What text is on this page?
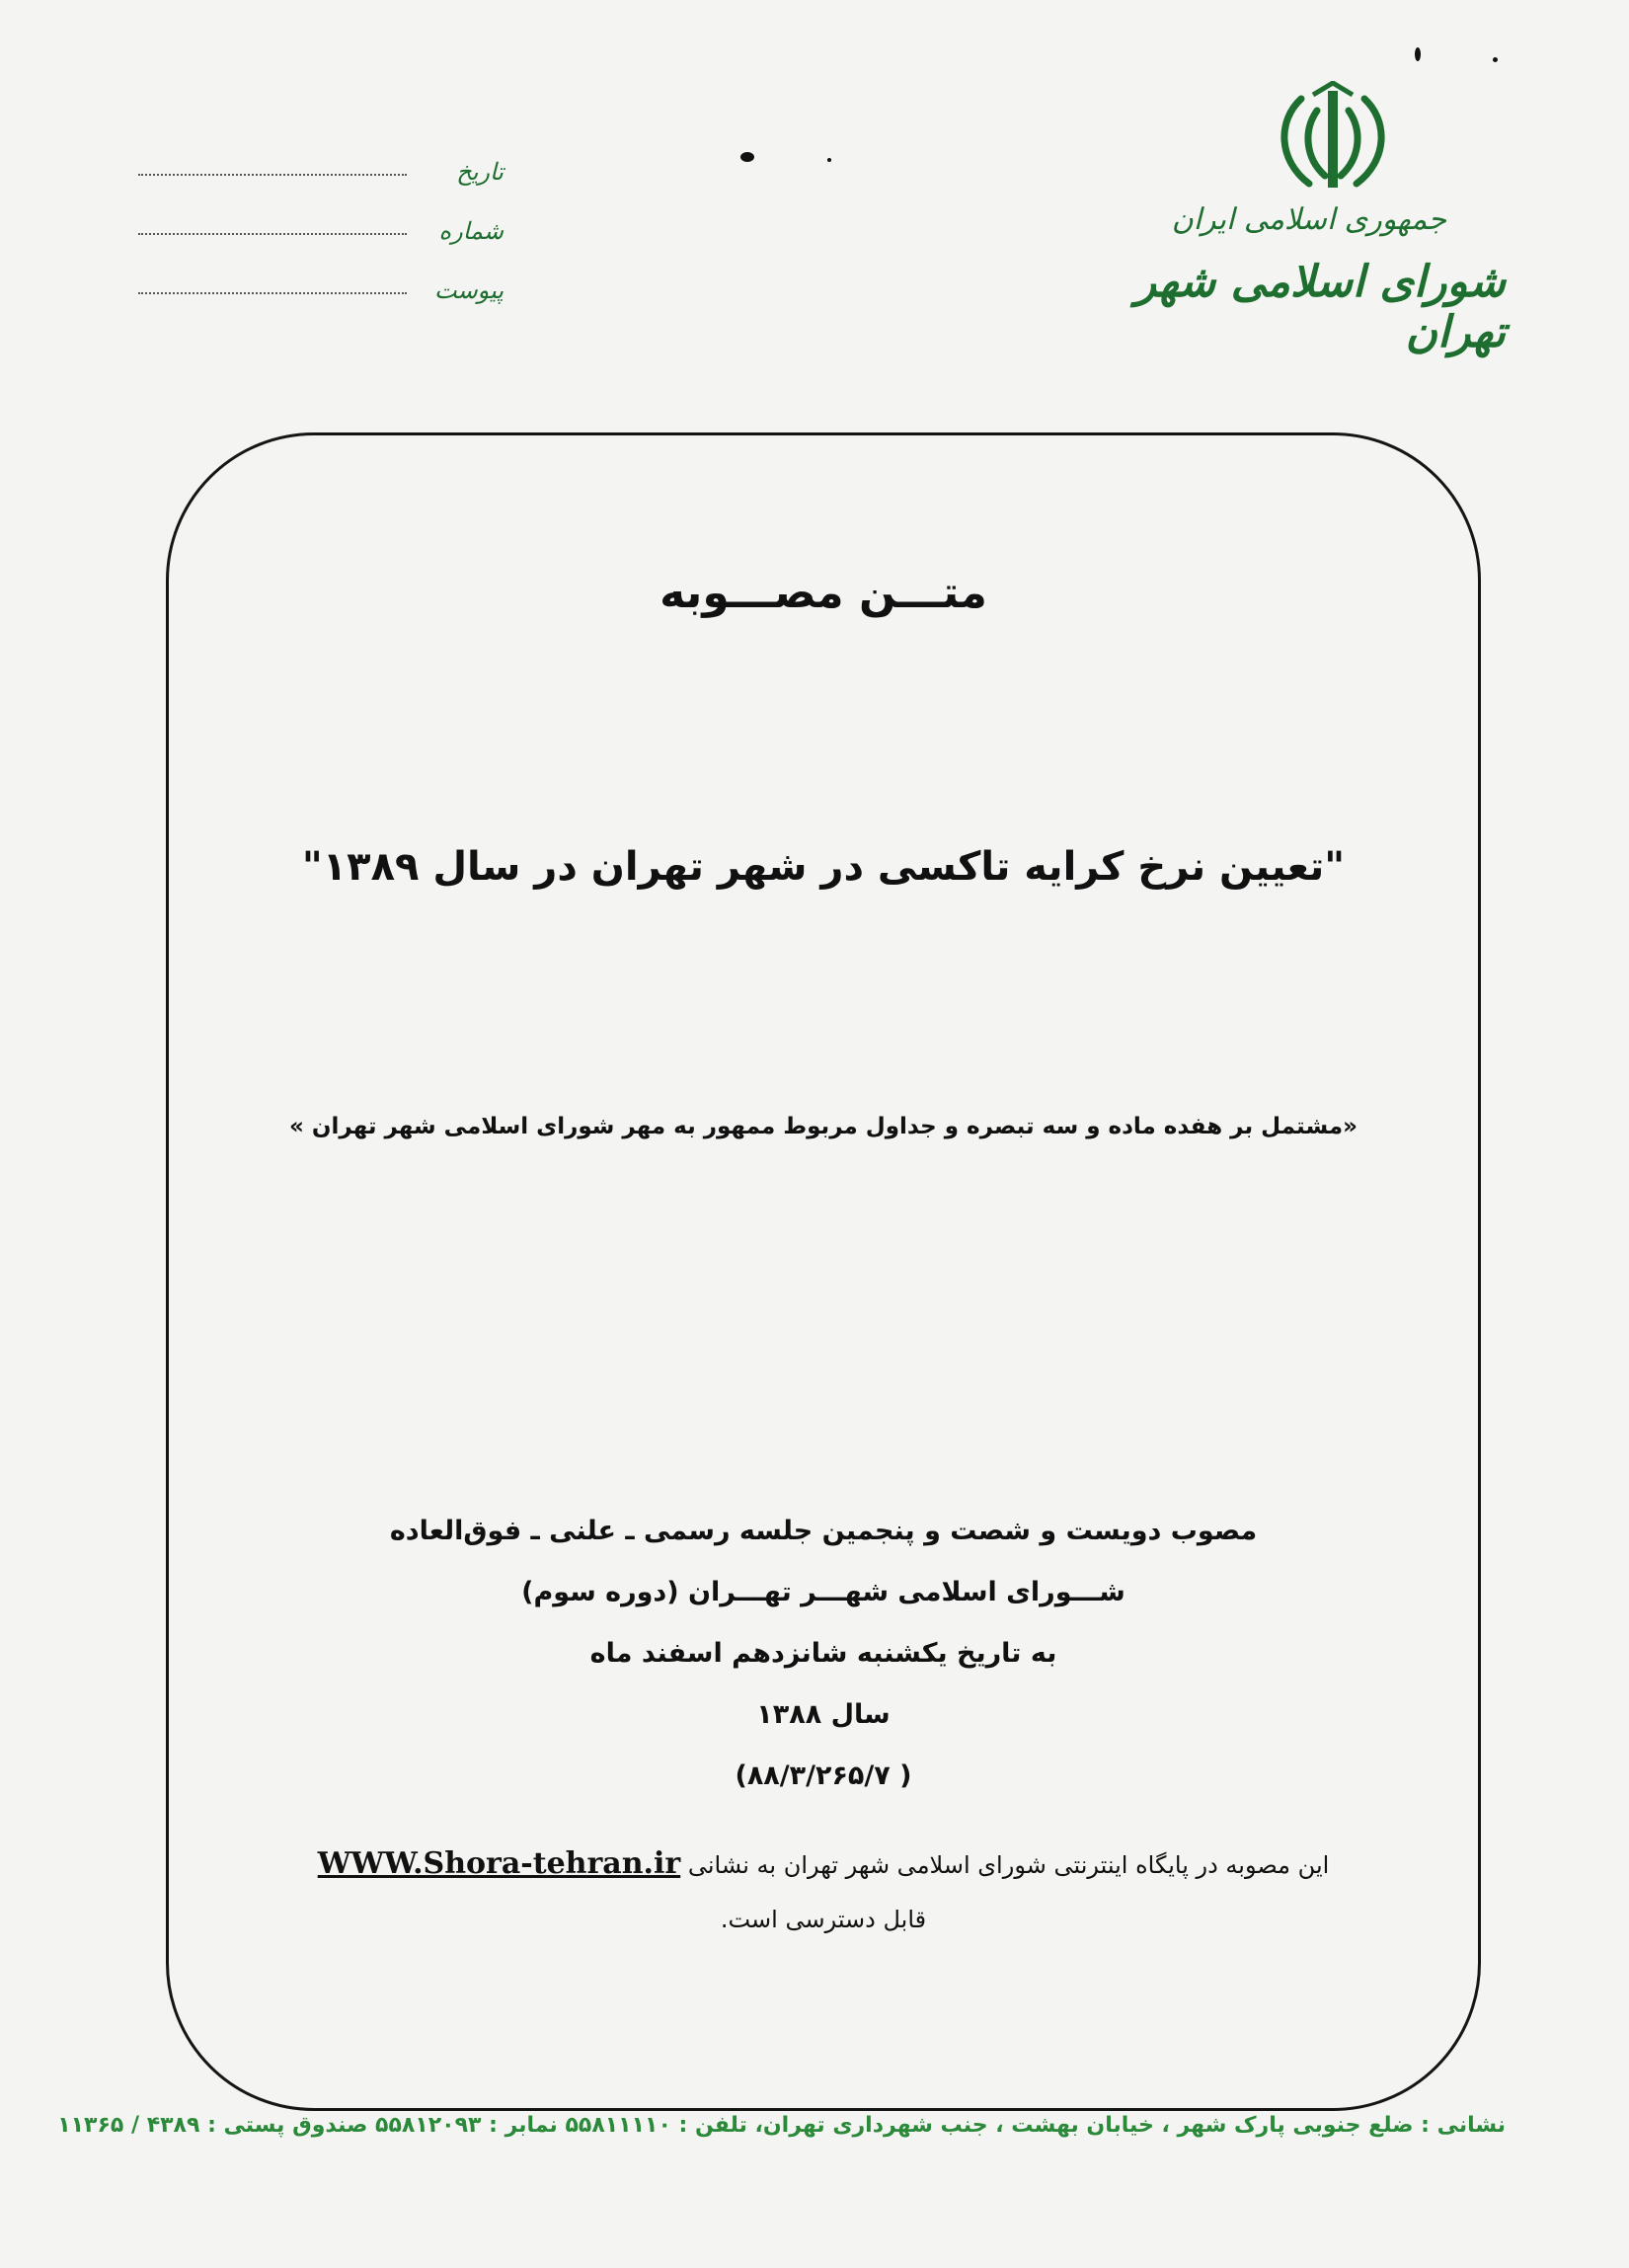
جمهوری اسلامی ایران
شورای اسلامی شهر تهران
تاریخ
شماره
پیوست
متـــن مصـــوبه
"تعیین نرخ کرایه تاکسی در شهر تهران در سال ۱۳۸۹"
«مشتمل بر هفده ماده و سه تبصره و جداول مربوط ممهور به مهر شورای اسلامی شهر تهران »
مصوب دویست و شصت و پنجمین جلسه رسمی ـ علنی ـ فوق‌العاده
شـــورای اسلامی شهـــر تهـــران (دوره سوم)
به تاریخ یکشنبه شانزدهم اسفند ماه
سال ۱۳۸۸
( ۸۸/۳/۲۶۵/۷)
این مصوبه در پایگاه اینترنتی شورای اسلامی شهر تهران به نشانی WWW.Shora-tehran.ir
قابل دسترسی است.
نشانی : ضلع جنوبی پارک شهر ، خیابان بهشت ، جنب شهرداری تهران، تلفن : ۵۵۸۱۱۱۱۰ نمابر : ۵۵۸۱۲۰۹۳ صندوق پستی : ۴۳۸۹ / ۱۱۳۶۵
